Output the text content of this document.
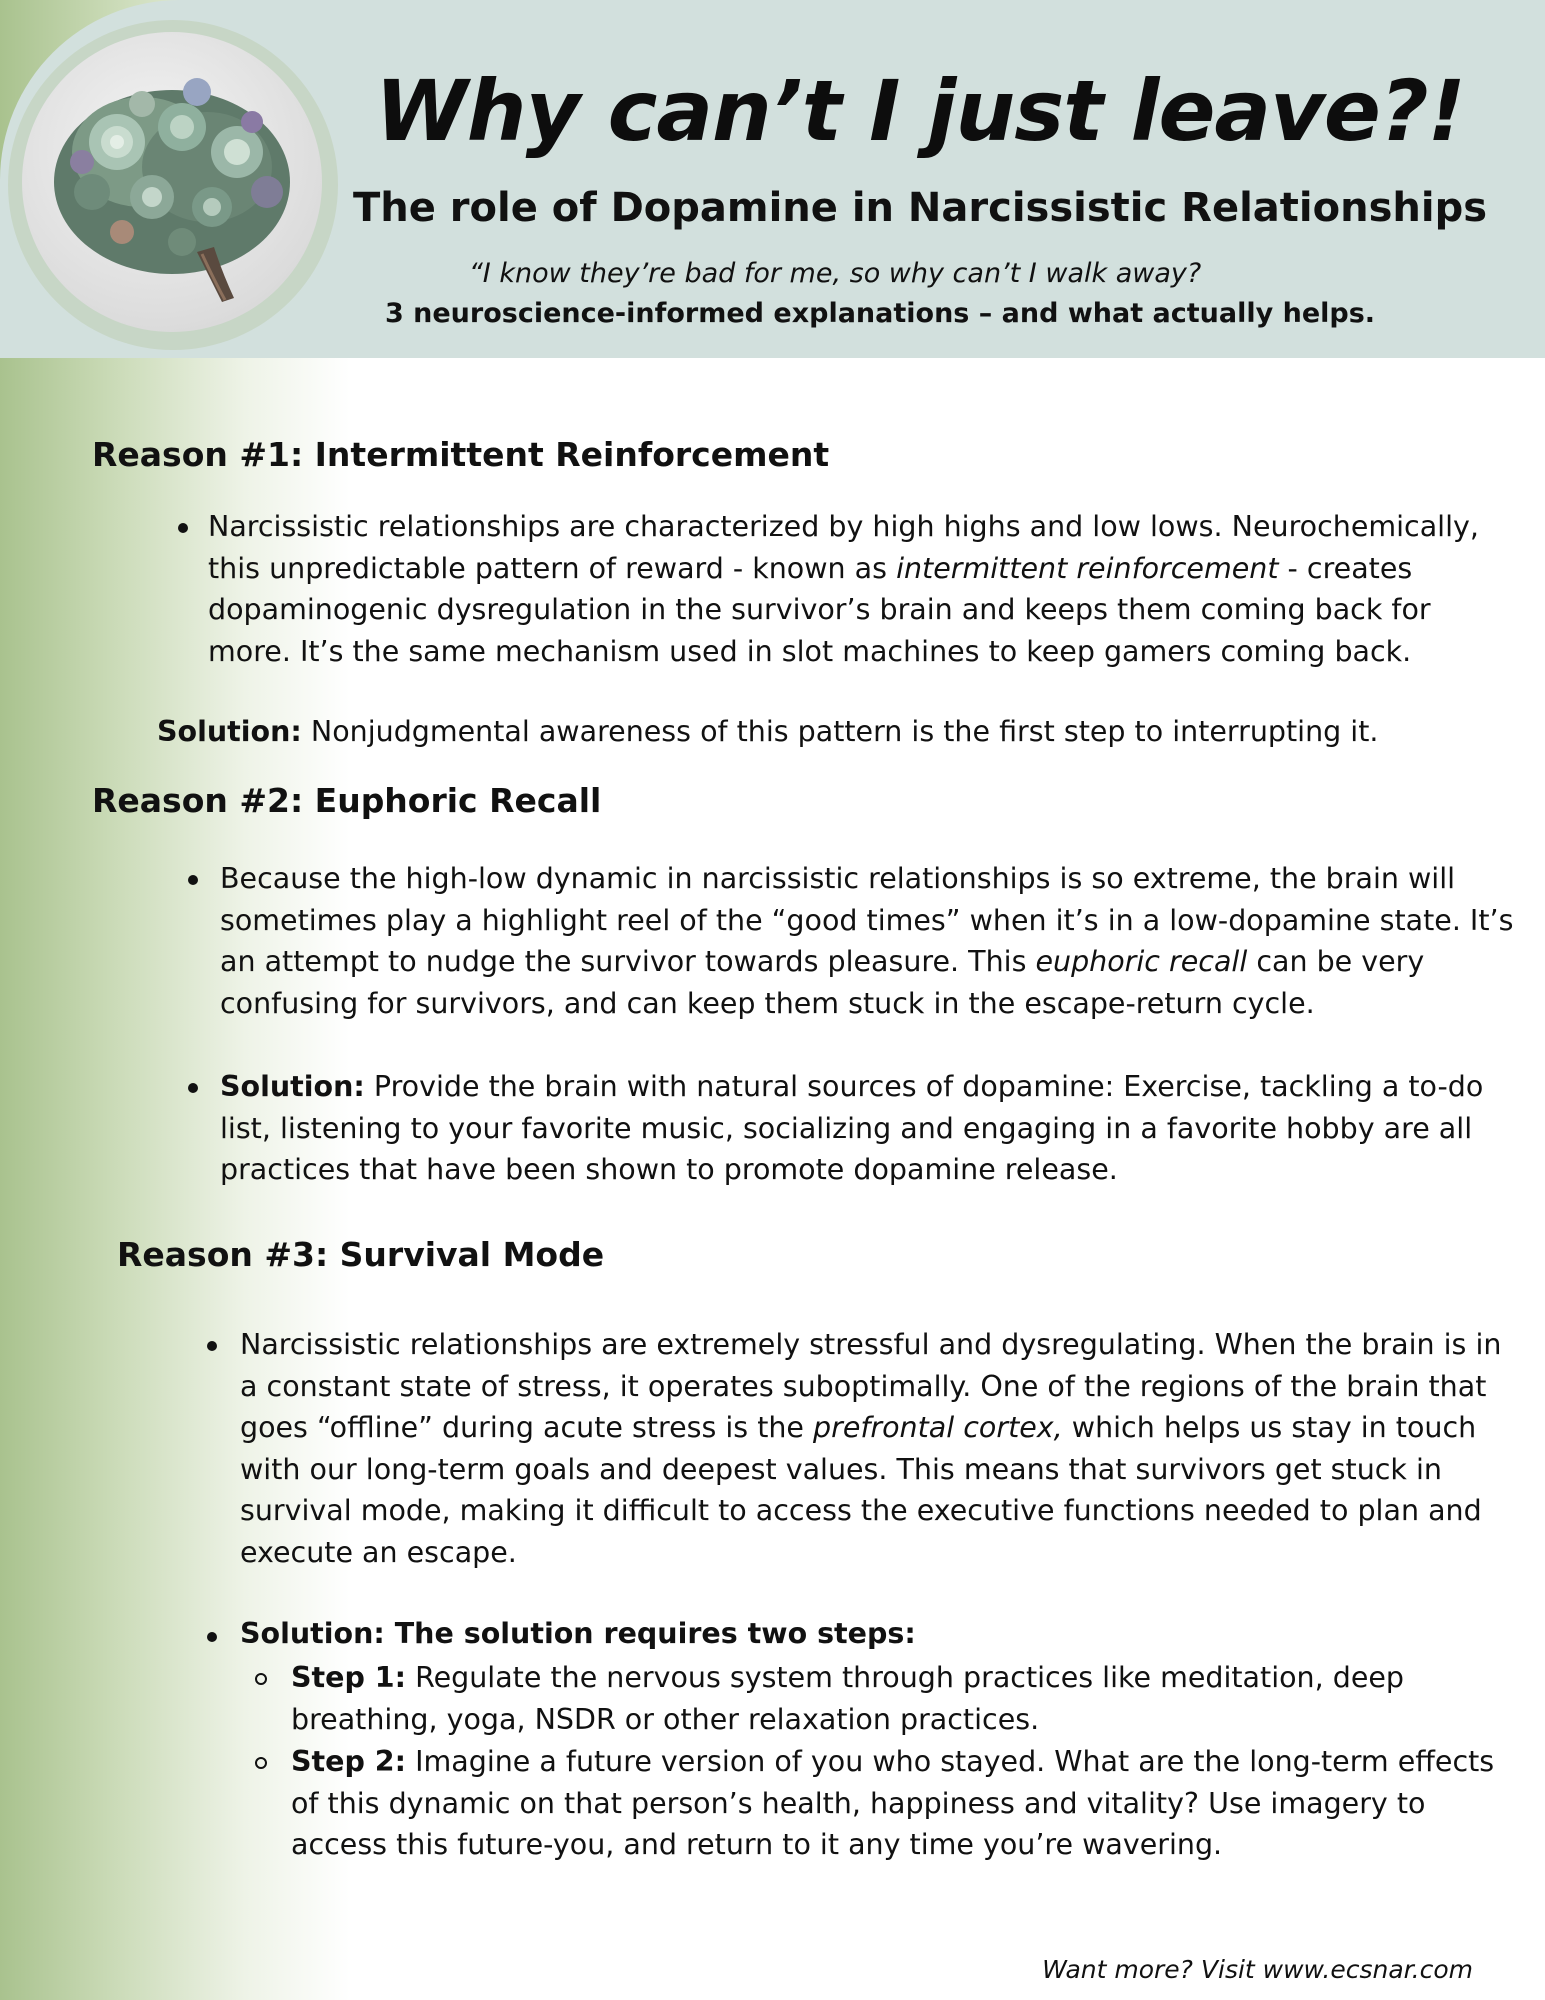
Why can’t I just leave?!
The role of Dopamine in Narcissistic Relationships
“I know they’re bad for me, so why can’t I walk away?
3 neuroscience-informed explanations – and what actually helps.
Reason #1: Intermittent Reinforcement
Narcissistic relationships are characterized by high highs and low lows. Neurochemically, this unpredictable pattern of reward - known as intermittent reinforcement - creates dopaminogenic dysregulation in the survivor’s brain and keeps them coming back for more. It’s the same mechanism used in slot machines to keep gamers coming back.
Solution: Nonjudgmental awareness of this pattern is the first step to interrupting it.
Reason #2: Euphoric Recall
Because the high-low dynamic in narcissistic relationships is so extreme, the brain will sometimes play a highlight reel of the “good times” when it’s in a low-dopamine state. It’s an attempt to nudge the survivor towards pleasure. This euphoric recall can be very confusing for survivors, and can keep them stuck in the escape-return cycle.
Solution: Provide the brain with natural sources of dopamine: Exercise, tackling a to-do list, listening to your favorite music, socializing and engaging in a favorite hobby are all practices that have been shown to promote dopamine release.
Reason #3: Survival Mode
Narcissistic relationships are extremely stressful and dysregulating. When the brain is in a constant state of stress, it operates suboptimally. One of the regions of the brain that goes “offline” during acute stress is the prefrontal cortex, which helps us stay in touch with our long-term goals and deepest values. This means that survivors get stuck in survival mode, making it difficult to access the executive functions needed to plan and execute an escape.
Solution: The solution requires two steps:
Step 1: Regulate the nervous system through practices like meditation, deep breathing, yoga, NSDR or other relaxation practices.
Step 2: Imagine a future version of you who stayed. What are the long-term effects of this dynamic on that person’s health, happiness and vitality? Use imagery to access this future-you, and return to it any time you’re wavering.
Want more? Visit www.ecsnar.com
